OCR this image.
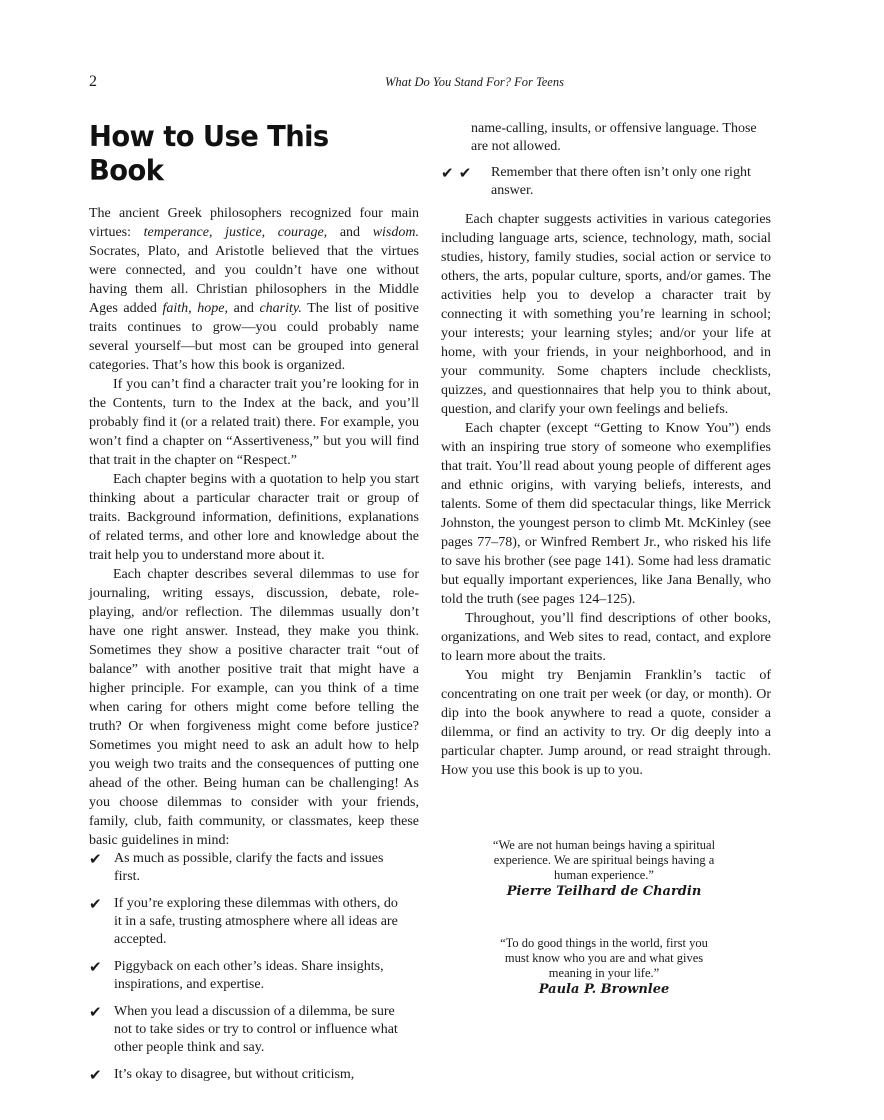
2	What Do You Stand For? For Teens
How to Use This Book

The ancient Greek philosophers recognized four main virtues: temperance, justice, courage, and wisdom. Socrates, Plato, and Aristotle believed that the virtues were connected, and you couldn’t have one without having them all. Christian philosophers in the Middle Ages added faith, hope, and charity. The list of positive traits continues to grow—you could probably name several yourself—but most can be grouped into general categories. That’s how this book is organized.

If you can’t find a character trait you’re looking for in the Contents, turn to the Index at the back, and you’ll probably find it (or a related trait) there. For example, you won’t find a chapter on “Assertiveness,” but you will find that trait in the chapter on “Respect.”

Each chapter begins with a quotation to help you start thinking about a particular character trait or group of traits. Background information, definitions, explanations of related terms, and other lore and knowledge about the trait help you to understand more about it.

Each chapter describes several dilemmas to use for journaling, writing essays, discussion, debate, role-playing, and/or reflection. The dilemmas usually don’t have one right answer. Instead, they make you think. Sometimes they show a positive character trait “out of balance” with another positive trait that might have a higher principle. For example, can you think of a time when caring for others might come before telling the truth? Or when forgiveness might come before justice? Sometimes you might need to ask an adult how to help you weigh two traits and the consequences of putting one ahead of the other. Being human can be challenging! As you choose dilemmas to consider with your friends, family, club, faith community, or classmates, keep these basic guidelines in mind:

✔ As much as possible, clarify the facts and issues first.
✔ If you’re exploring these dilemmas with others, do it in a safe, trusting atmosphere where all ideas are accepted.
✔ Piggyback on each other’s ideas. Share insights, inspirations, and expertise.
✔ When you lead a discussion of a dilemma, be sure not to take sides or try to control or influence what other people think and say.
✔ It’s okay to disagree, but without criticism,
name-calling, insults, or offensive language. Those are not allowed.
✔ ✔ Remember that there often isn’t only one right answer.

Each chapter suggests activities in various categories including language arts, science, technology, math, social studies, history, family studies, social action or service to others, the arts, popular culture, sports, and/or games. The activities help you to develop a character trait by connecting it with something you’re learning in school; your interests; your learning styles; and/or your life at home, with your friends, in your neighborhood, and in your community. Some chapters include checklists, quizzes, and questionnaires that help you to think about, question, and clarify your own feelings and beliefs.

Each chapter (except “Getting to Know You”) ends with an inspiring true story of someone who exemplifies that trait. You’ll read about young people of different ages and ethnic origins, with varying beliefs, interests, and talents. Some of them did spectacular things, like Merrick Johnston, the youngest person to climb Mt. McKinley (see pages 77–78), or Winfred Rembert Jr., who risked his life to save his brother (see page 141). Some had less dramatic but equally important experiences, like Jana Benally, who told the truth (see pages 124–125).

Throughout, you’ll find descriptions of other books, organizations, and Web sites to read, contact, and explore to learn more about the traits.

You might try Benjamin Franklin’s tactic of concentrating on one trait per week (or day, or month). Or dip into the book anywhere to read a quote, consider a dilemma, or find an activity to try. Or dig deeply into a particular chapter. Jump around, or read straight through. How you use this book is up to you.

“We are not human beings having a spiritual experience. We are spiritual beings having a human experience.”
Pierre Teilhard de Chardin
“To do good things in the world, first you must know who you are and what gives meaning in your life.”
Paula P. Brownlee
